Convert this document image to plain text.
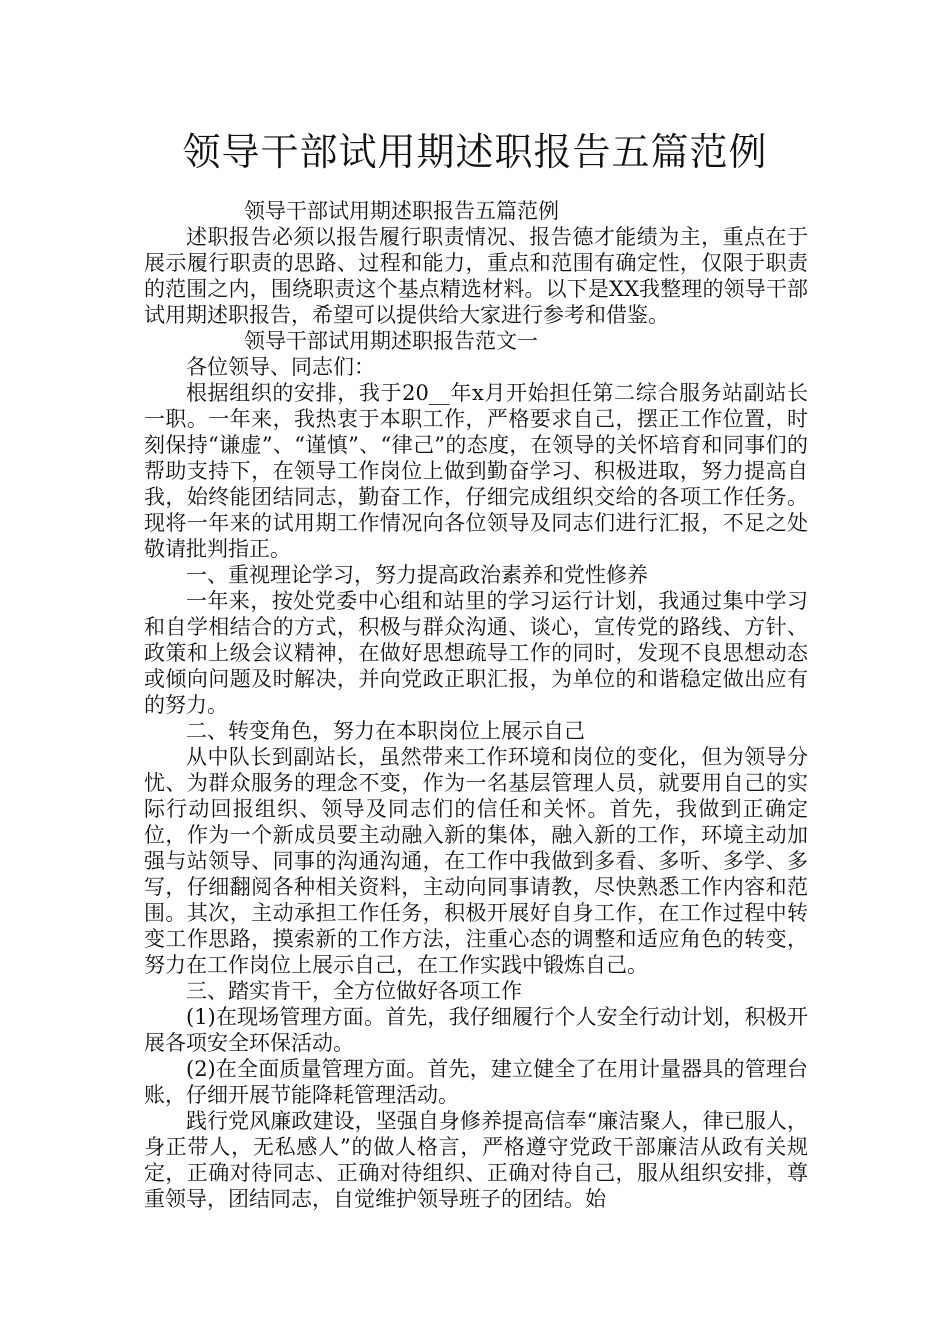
领导干部试用期述职报告五篇范例

领导干部试用期述职报告五篇范例

述职报告必须以报告履行职责情况、报告德才能绩为主，重点在于展示履行职责的思路、过程和能力，重点和范围有确定性，仅限于职责的范围之内，围绕职责这个基点精选材料。以下是XX我整理的领导干部试用期述职报告，希望可以提供给大家进行参考和借鉴。

领导干部试用期述职报告范文一

各位领导、同志们：

根据组织的安排，我于20__年x月开始担任第二综合服务站副站长一职。一年来，我热衷于本职工作，严格要求自己，摆正工作位置，时刻保持“谦虚”、“谨慎”、“律己”的态度，在领导的关怀培育和同事们的帮助支持下，在领导工作岗位上做到勤奋学习、积极进取，努力提高自我，始终能团结同志，勤奋工作，仔细完成组织交给的各项工作任务。现将一年来的试用期工作情况向各位领导及同志们进行汇报，不足之处敬请批判指正。

一、重视理论学习，努力提高政治素养和党性修养

一年来，按处党委中心组和站里的学习运行计划，我通过集中学习和自学相结合的方式，积极与群众沟通、谈心，宣传党的路线、方针、政策和上级会议精神，在做好思想疏导工作的同时，发现不良思想动态或倾向问题及时解决，并向党政正职汇报，为单位的和谐稳定做出应有的努力。

二、转变角色，努力在本职岗位上展示自己

从中队长到副站长，虽然带来工作环境和岗位的变化，但为领导分忧、为群众服务的理念不变，作为一名基层管理人员，就要用自己的实际行动回报组织、领导及同志们的信任和关怀。首先，我做到正确定位，作为一个新成员要主动融入新的集体，融入新的工作，环境主动加强与站领导、同事的沟通沟通，在工作中我做到多看、多听、多学、多写，仔细翻阅各种相关资料，主动向同事请教，尽快熟悉工作内容和范围。其次，主动承担工作任务，积极开展好自身工作，在工作过程中转变工作思路，摸索新的工作方法，注重心态的调整和适应角色的转变，努力在工作岗位上展示自己，在工作实践中锻炼自己。

三、踏实肯干，全方位做好各项工作

(1)在现场管理方面。首先，我仔细履行个人安全行动计划，积极开展各项安全环保活动。

(2)在全面质量管理方面。首先，建立健全了在用计量器具的管理台账，仔细开展节能降耗管理活动。

践行党风廉政建设，坚强自身修养提高信奉“廉洁聚人，律已服人，身正带人，无私感人”的做人格言，严格遵守党政干部廉洁从政有关规定，正确对待同志、正确对待组织、正确对待自己，服从组织安排，尊重领导，团结同志，自觉维护领导班子的团结。始
